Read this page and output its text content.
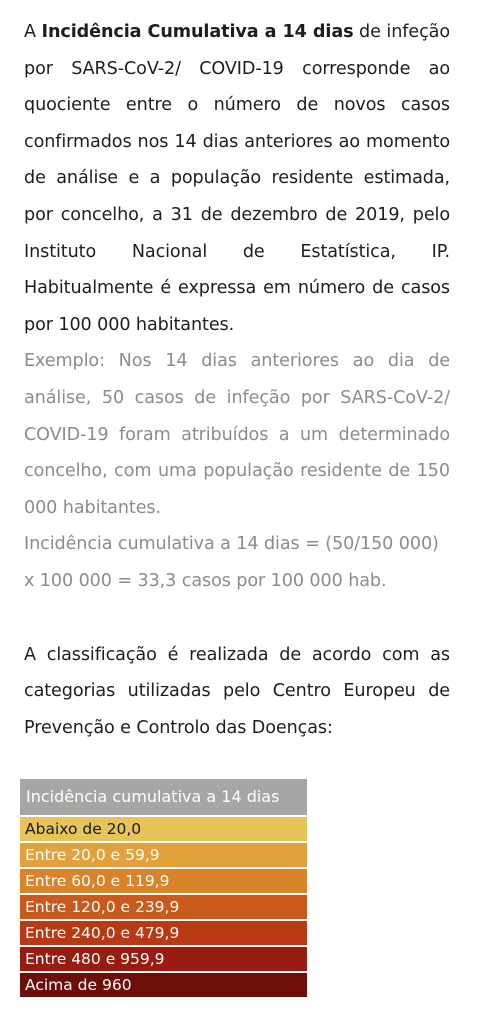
A Incidência Cumulativa a 14 dias de infeção por SARS-CoV-2/ COVID-19 corresponde ao quociente entre o número de novos casos confirmados nos 14 dias anteriores ao momento de análise e a população residente estimada, por concelho, a 31 de dezembro de 2019, pelo Instituto Nacional de Estatística, IP. Habitualmente é expressa em número de casos por 100 000 habitantes.

Exemplo: Nos 14 dias anteriores ao dia de análise, 50 casos de infeção por SARS-CoV-2/ COVID-19 foram atribuídos a um determinado concelho, com uma população residente de 150 000 habitantes.

Incidência cumulativa a 14 dias = (50/150 000) x 100 000 = 33,3 casos por 100 000 hab.

A classificação é realizada de acordo com as categorias utilizadas pelo Centro Europeu de Prevenção e Controlo das Doenças:

Incidência cumulativa a 14 dias
Abaixo de 20,0
Entre 20,0 e 59,9
Entre 60,0 e 119,9
Entre 120,0 e 239,9
Entre 240,0 e 479,9
Entre 480 e 959,9
Acima de 960
